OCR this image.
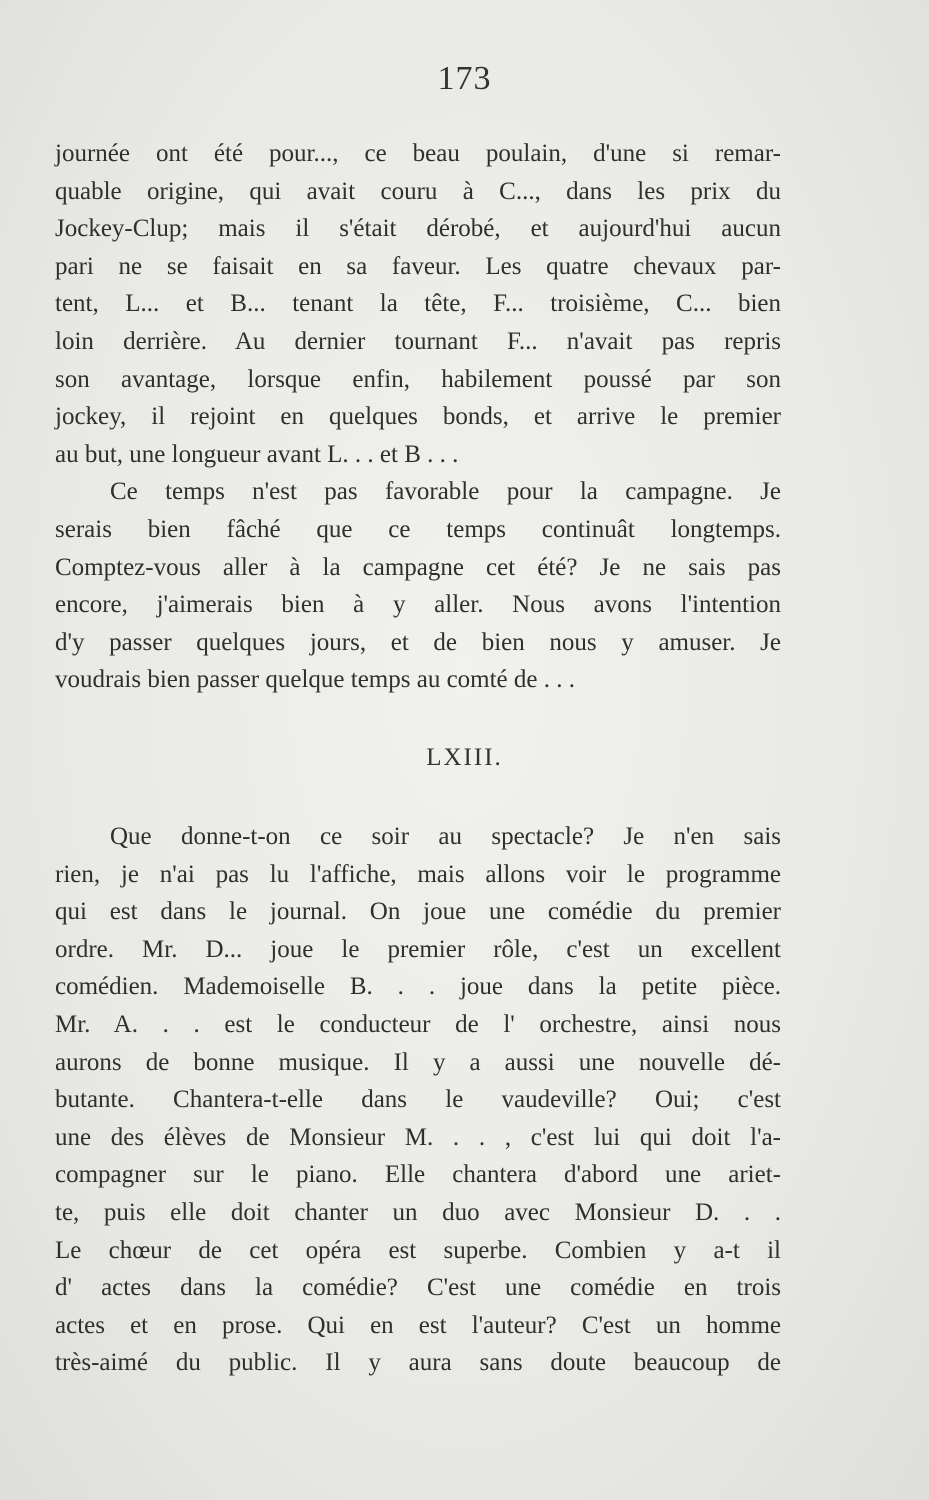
173
journée ont été pour..., ce beau poulain, d'une si remar-
quable origine, qui avait couru à C..., dans les prix du
Jockey-Clup; mais il s'était dérobé, et aujourd'hui aucun
pari ne se faisait en sa faveur. Les quatre chevaux par-
tent, L... et B... tenant la tête, F... troisième, C... bien
loin derrière. Au dernier tournant F... n'avait pas repris
son avantage, lorsque enfin, habilement poussé par son
jockey, il rejoint en quelques bonds, et arrive le premier
au but, une longueur avant L. . . et B . . .
Ce temps n'est pas favorable pour la campagne. Je
serais bien fâché que ce temps continuât longtemps.
Comptez-vous aller à la campagne cet été? Je ne sais pas
encore, j'aimerais bien à y aller. Nous avons l'intention
d'y passer quelques jours, et de bien nous y amuser. Je
voudrais bien passer quelque temps au comté de . . .
LXIII.
Que donne-t-on ce soir au spectacle? Je n'en sais
rien, je n'ai pas lu l'affiche, mais allons voir le programme
qui est dans le journal. On joue une comédie du premier
ordre. Mr. D... joue le premier rôle, c'est un excellent
comédien. Mademoiselle B. . . joue dans la petite pièce.
Mr. A. . . est le conducteur de l' orchestre, ainsi nous
aurons de bonne musique. Il y a aussi une nouvelle dé-
butante. Chantera-t-elle dans le vaudeville? Oui; c'est
une des élèves de Monsieur M. . . , c'est lui qui doit l'a-
compagner sur le piano. Elle chantera d'abord une ariet-
te, puis elle doit chanter un duo avec Monsieur D. . .
Le chœur de cet opéra est superbe. Combien y a-t il
d' actes dans la comédie? C'est une comédie en trois
actes et en prose. Qui en est l'auteur? C'est un homme
très-aimé du public. Il y aura sans doute beaucoup de
